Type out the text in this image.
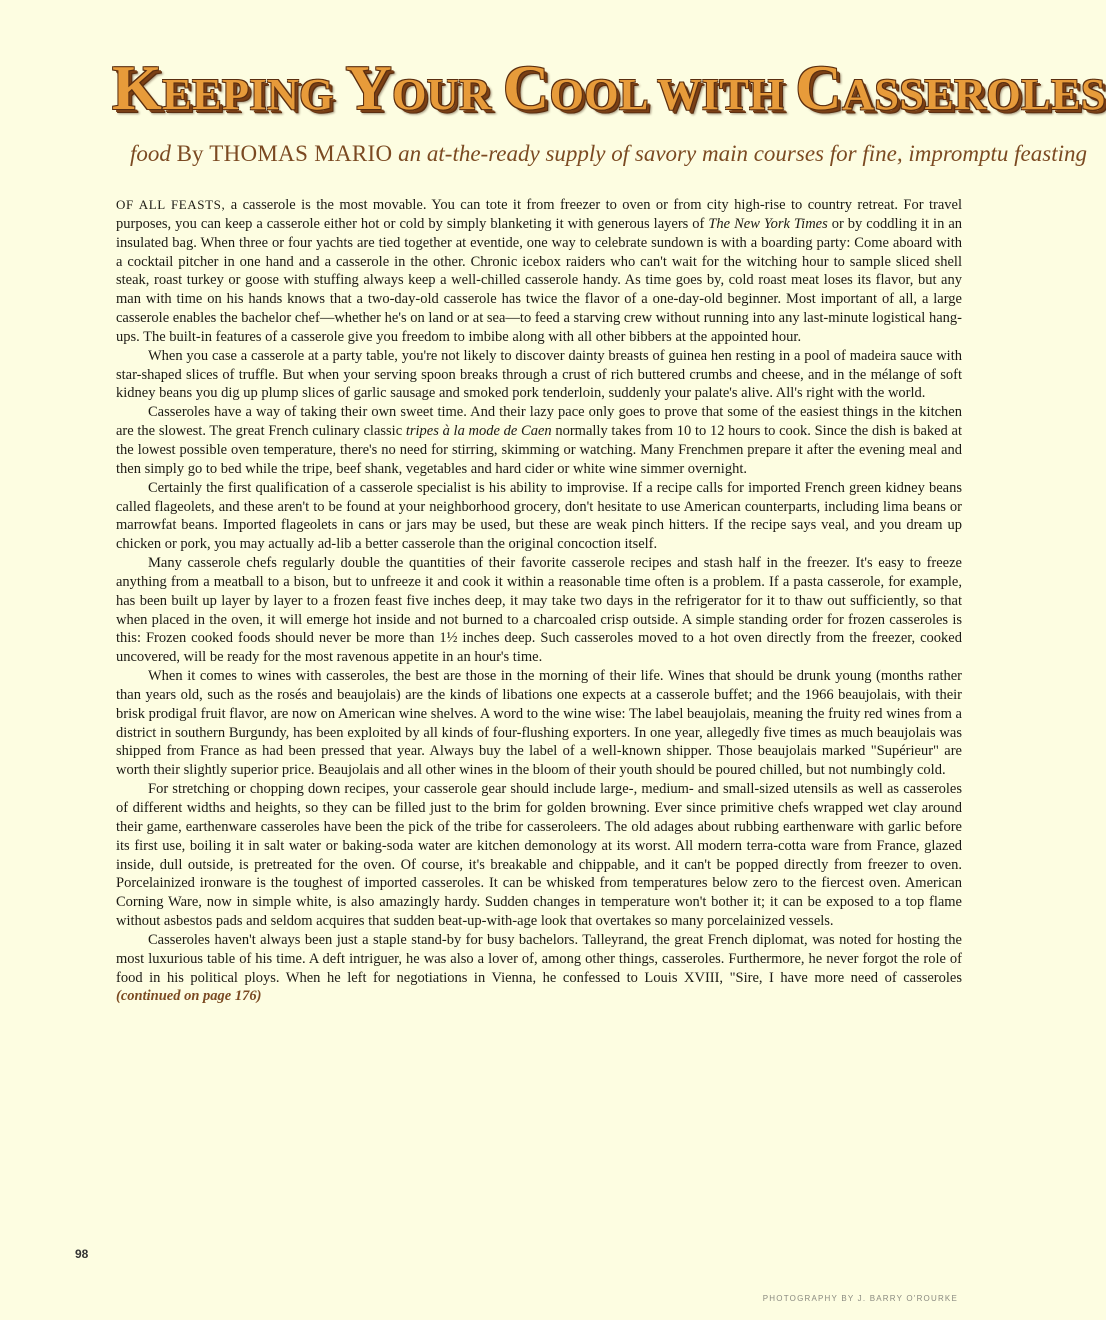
KEEPING YOUR COOL WITH CASSEROLES
food By THOMAS MARIO an at-the-ready supply of savory main courses for fine, impromptu feasting

OF ALL FEASTS, a casserole is the most movable. You can tote it from freezer to oven or from city high-rise to country retreat. For travel purposes, you can keep a casserole either hot or cold by simply blanketing it with generous layers of The New York Times or by coddling it in an insulated bag. When three or four yachts are tied together at eventide, one way to celebrate sundown is with a boarding party: Come aboard with a cocktail pitcher in one hand and a casserole in the other. Chronic icebox raiders who can't wait for the witching hour to sample sliced shell steak, roast turkey or goose with stuffing always keep a well-chilled casserole handy. As time goes by, cold roast meat loses its flavor, but any man with time on his hands knows that a two-day-old casserole has twice the flavor of a one-day-old beginner. Most important of all, a large casserole enables the bachelor chef—whether he's on land or at sea—to feed a starving crew without running into any last-minute logistical hang-ups. The built-in features of a casserole give you freedom to imbibe along with all other bibbers at the appointed hour.

When you case a casserole at a party table, you're not likely to discover dainty breasts of guinea hen resting in a pool of madeira sauce with star-shaped slices of truffle. But when your serving spoon breaks through a crust of rich buttered crumbs and cheese, and in the mélange of soft kidney beans you dig up plump slices of garlic sausage and smoked pork tenderloin, suddenly your palate's alive. All's right with the world.

Casseroles have a way of taking their own sweet time. And their lazy pace only goes to prove that some of the easiest things in the kitchen are the slowest. The great French culinary classic tripes à la mode de Caen normally takes from 10 to 12 hours to cook. Since the dish is baked at the lowest possible oven temperature, there's no need for stirring, skimming or watching. Many Frenchmen prepare it after the evening meal and then simply go to bed while the tripe, beef shank, vegetables and hard cider or white wine simmer overnight.

Certainly the first qualification of a casserole specialist is his ability to improvise. If a recipe calls for imported French green kidney beans called flageolets, and these aren't to be found at your neighborhood grocery, don't hesitate to use American counterparts, including lima beans or marrowfat beans. Imported flageolets in cans or jars may be used, but these are weak pinch hitters. If the recipe says veal, and you dream up chicken or pork, you may actually ad-lib a better casserole than the original concoction itself.

Many casserole chefs regularly double the quantities of their favorite casserole recipes and stash half in the freezer. It's easy to freeze anything from a meatball to a bison, but to unfreeze it and cook it within a reasonable time often is a problem. If a pasta casserole, for example, has been built up layer by layer to a frozen feast five inches deep, it may take two days in the refrigerator for it to thaw out sufficiently, so that when placed in the oven, it will emerge hot inside and not burned to a charcoaled crisp outside. A simple standing order for frozen casseroles is this: Frozen cooked foods should never be more than 1½ inches deep. Such casseroles moved to a hot oven directly from the freezer, cooked uncovered, will be ready for the most ravenous appetite in an hour's time.

When it comes to wines with casseroles, the best are those in the morning of their life. Wines that should be drunk young (months rather than years old, such as the rosés and beaujolais) are the kinds of libations one expects at a casserole buffet; and the 1966 beaujolais, with their brisk prodigal fruit flavor, are now on American wine shelves. A word to the wine wise: The label beaujolais, meaning the fruity red wines from a district in southern Burgundy, has been exploited by all kinds of four-flushing exporters. In one year, allegedly five times as much beaujolais was shipped from France as had been pressed that year. Always buy the label of a well-known shipper. Those beaujolais marked "Supérieur" are worth their slightly superior price. Beaujolais and all other wines in the bloom of their youth should be poured chilled, but not numbingly cold.

For stretching or chopping down recipes, your casserole gear should include large-, medium- and small-sized utensils as well as casseroles of different widths and heights, so they can be filled just to the brim for golden browning. Ever since primitive chefs wrapped wet clay around their game, earthenware casseroles have been the pick of the tribe for casseroleers. The old adages about rubbing earthenware with garlic before its first use, boiling it in salt water or baking-soda water are kitchen demonology at its worst. All modern terra-cotta ware from France, glazed inside, dull outside, is pretreated for the oven. Of course, it's breakable and chippable, and it can't be popped directly from freezer to oven. Porcelainized ironware is the toughest of imported casseroles. It can be whisked from temperatures below zero to the fiercest oven. American Corning Ware, now in simple white, is also amazingly hardy. Sudden changes in temperature won't bother it; it can be exposed to a top flame without asbestos pads and seldom acquires that sudden beat-up-with-age look that overtakes so many porcelainized vessels.

Casseroles haven't always been just a staple stand-by for busy bachelors. Talleyrand, the great French diplomat, was noted for hosting the most luxurious table of his time. A deft intriguer, he was also a lover of, among other things, casseroles. Furthermore, he never forgot the role of food in his political ploys. When he left for negotiations in Vienna, he confessed to Louis XVIII, "Sire, I have more need of casseroles (continued on page 176)

98
PHOTOGRAPHY BY J. BARRY O'ROURKE
